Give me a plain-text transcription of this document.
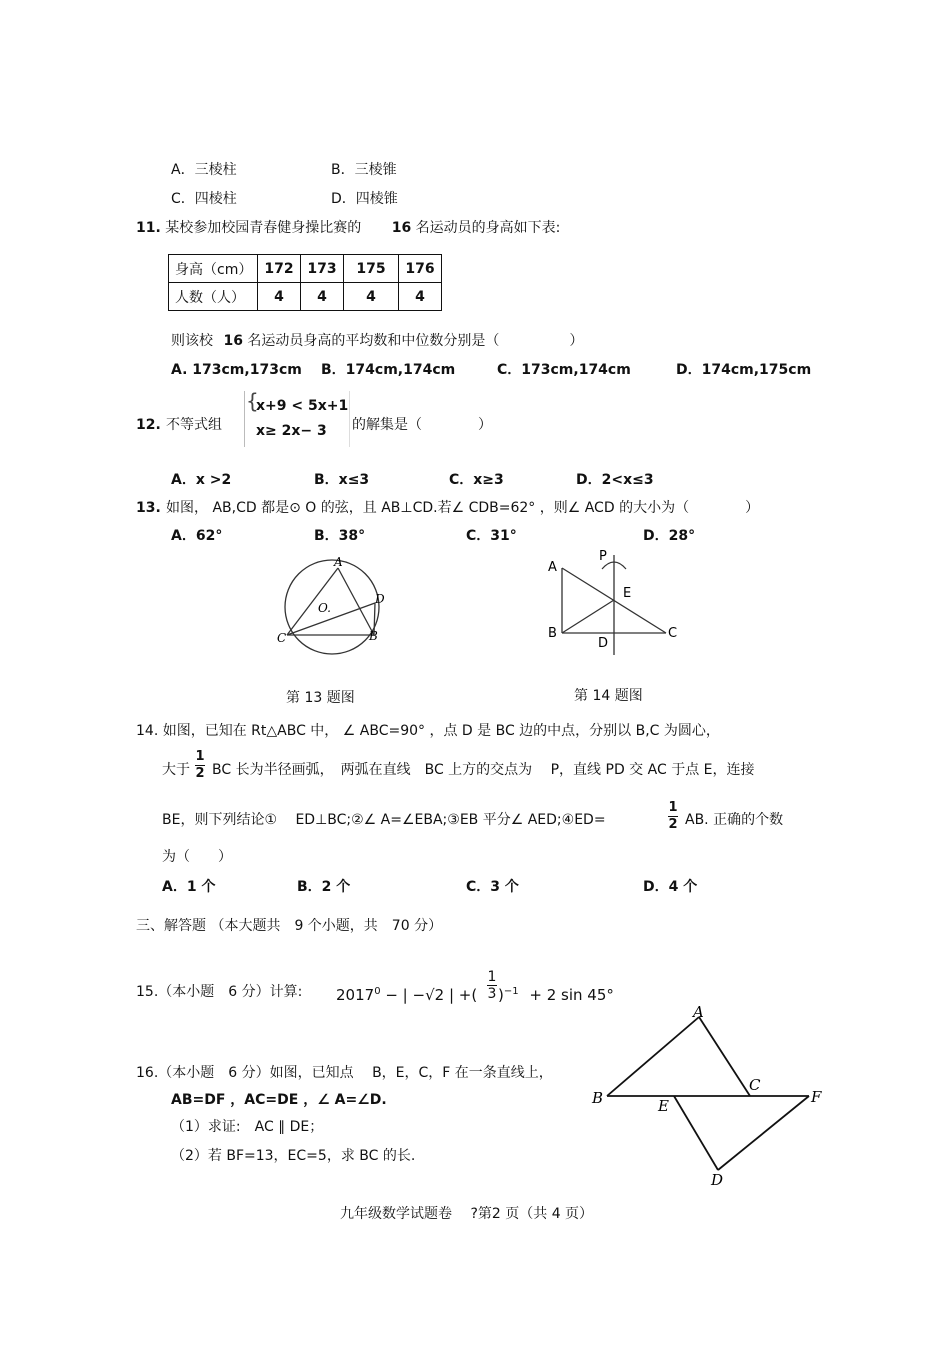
A．三棱柱	B．三棱锥
C．四棱柱	D．四棱锥
11. 某校参加校园青春健身操比赛的 16 名运动员的身高如下表:
身高（cm）	172	173	175	176
人数（人）	4	4	4	4
则该校 16 名运动员身高的平均数和中位数分别是（　　　　　）
A. 173cm,173cm B．174cm,174cm	C．173cm,174cm	D．174cm,175cm
12. 不等式组
{
x+9 < 5x+1
x≥ 2x− 3 的解集是（　　　　）
A．x >2	B．x≤3	C．x≥3	D．2<x≤3
13. 如图， AB,CD 都是⊙ O 的弦，且 AB⊥CD.若∠ CDB=62° ，则∠ ACD 的大小为（　　　　）
A．62°	B．38°	C．31°	D．28°
A
D
B
C
O.
第 13 题图
P
A
E
B
D
C
第 14 题图
14. 如图，已知在 Rt△ABC 中， ∠ ABC=90° ，点 D 是 BC 边的中点，分别以 B,C 为圆心，
大于
1
2 BC 长为半径画弧，　两弧在直线　BC 上方的交点为　 P，直线 PD 交 AC 于点 E，连接
BE，则下列结论①　 ED⊥BC;②∠ A=∠EBA;③EB 平分∠ AED;④ED=
1
2 AB. 正确的个数
为（　　）
A．1 个	B．2 个	C．3 个	D．4 个
三、解答题 （本大题共　9 个小题，共　70 分）
15.（本小题　6 分）计算: $2017^0$ − | −√2 | +(
1
3 )$^{-1}$ + 2 sin 45°
16.（本小题　6 分）如图，已知点　 B，E，C，F 在一条直线上，
AB=DF ，AC=DE ，∠ A=∠D.
（1）求证:　AC ∥ DE；
（2）若 BF=13，EC=5，求 BC 的长.
A
B	E
C
F
D
九年级数学试题卷　 ?第2 页（共 4 页）
